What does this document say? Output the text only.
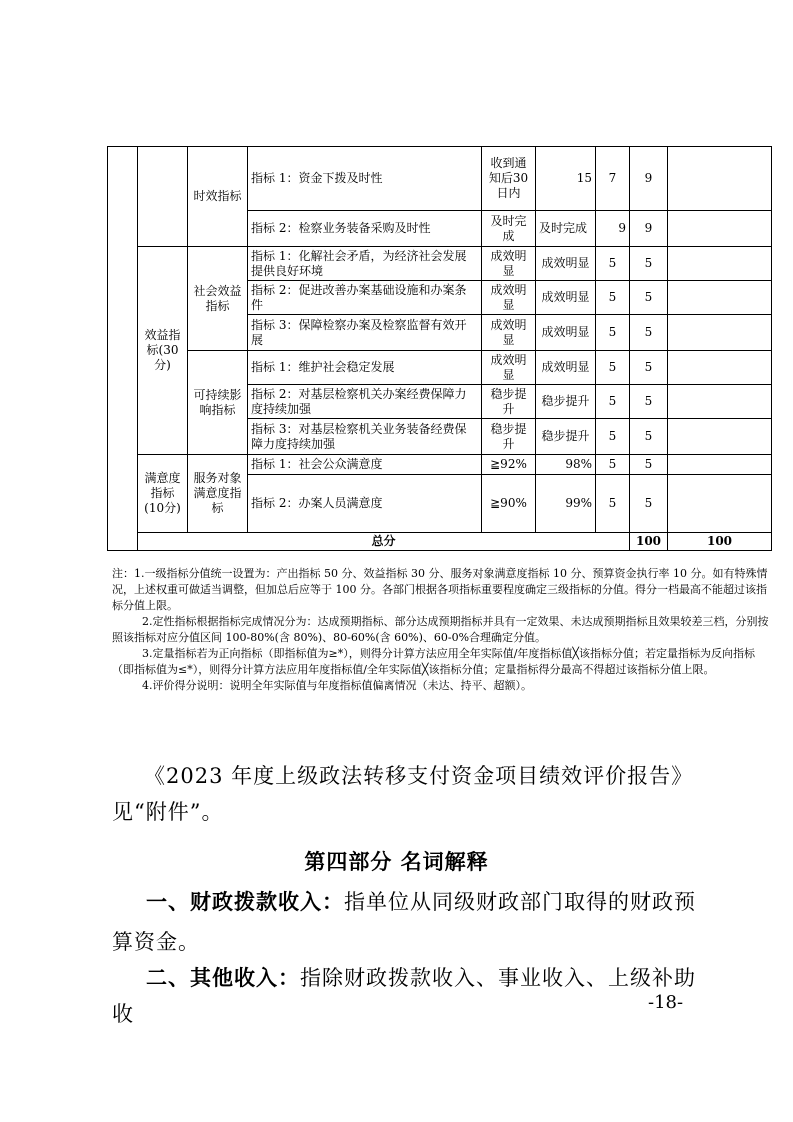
		时效指标	指标 1：资金下拨及时性	收到通知后30日内	15	7	9		
			指标 2：检察业务装备采购及时性	及时完成	及时完成	9	9		
	效益指标(30分)	社会效益指标	指标 1：化解社会矛盾，为经济社会发展提供良好环境	成效明显	成效明显	5	5		
			指标 2：促进改善办案基础设施和办案条件	成效明显	成效明显	5	5		
			指标 3：保障检察办案及检察监督有效开展	成效明显	成效明显	5	5		
		可持续影响指标	指标 1：维护社会稳定发展	成效明显	成效明显	5	5		
			指标 2：对基层检察机关办案经费保障力度持续加强	稳步提升	稳步提升	5	5		
			指标 3：对基层检察机关业务装备经费保障力度持续加强	稳步提升	稳步提升	5	5		
	满意度指标(10分)	服务对象满意度指标	指标 1：社会公众满意度	≧92%	98%	5	5		
			指标 2：办案人员满意度	≧90%	99%	5	5		
	总分						100	100	

注：1.一级指标分值统一设置为：产出指标 50 分、效益指标 30 分、服务对象满意度指标 10 分、预算资金执行率 10 分。如有特殊情况，上述权重可做适当调整，但加总后应等于 100 分。各部门根据各项指标重要程度确定三级指标的分值。得分一档最高不能超过该指标分值上限。

2.定性指标根据指标完成情况分为：达成预期指标、部分达成预期指标并具有一定效果、未达成预期指标且效果较差三档，分别按照该指标对应分值区间 100-80%(含 80%)、80-60%(含 60%)、60-0%合理确定分值。

3.定量指标若为正向指标（即指标值为≥*），则得分计算方法应用全年实际值/年度指标值╳该指标分值；若定量指标为反向指标（即指标值为≤*），则得分计算方法应用年度指标值/全年实际值╳该指标分值；定量指标得分最高不得超过该指标分值上限。

4.评价得分说明：说明全年实际值与年度指标值偏离情况（未达、持平、超额）。

《2023 年度上级政法转移支付资金项目绩效评价报告》见“附件”。
第四部分 名词解释
一、财政拨款收入：指单位从同级财政部门取得的财政预算资金。
二、其他收入：指除财政拨款收入、事业收入、上级补助收	-18-
